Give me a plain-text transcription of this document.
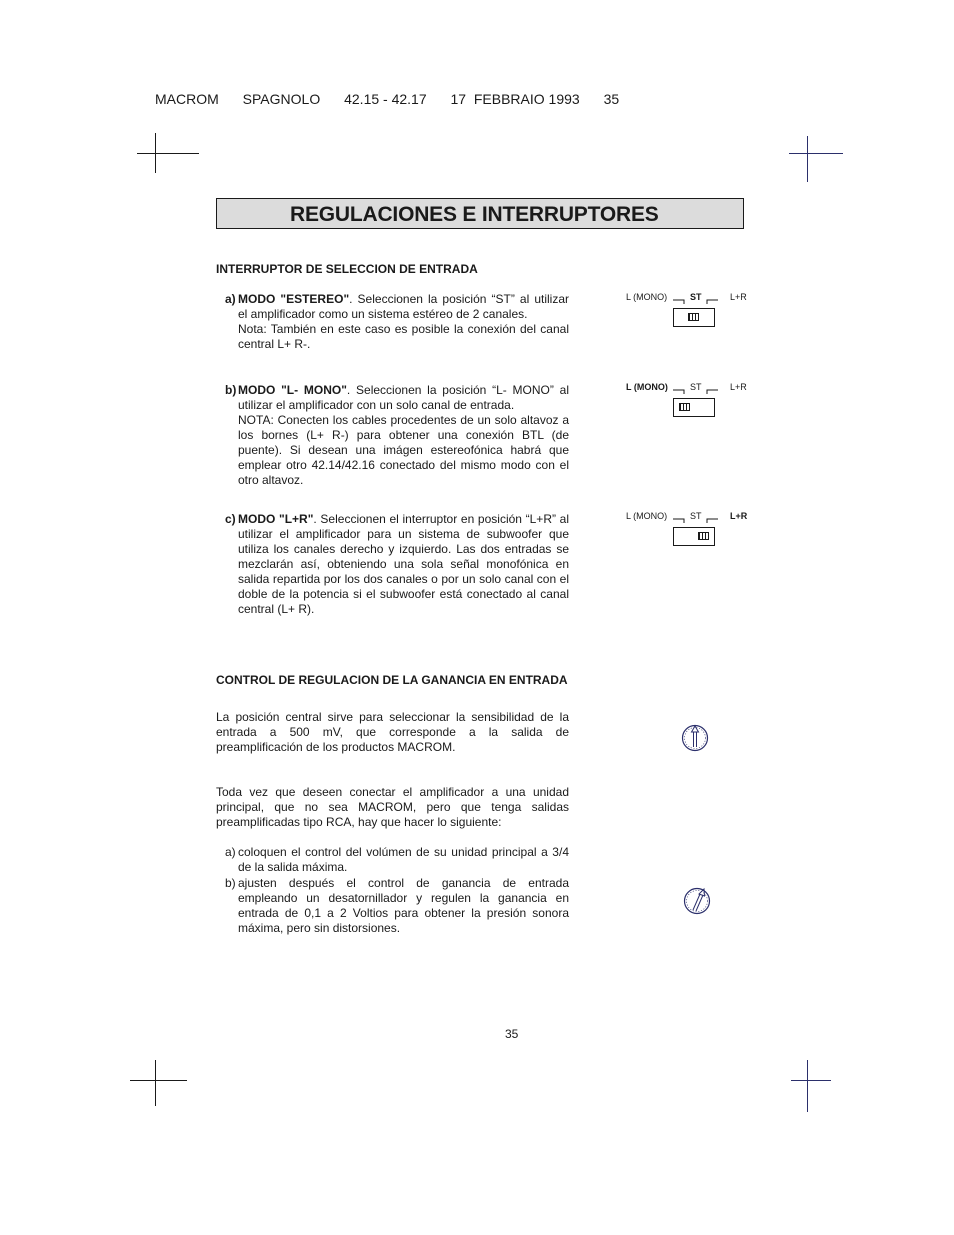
MACROM SPAGNOLO 42.15 - 42.17 17  FEBBRAIO 1993 35
REGULACIONES E INTERRUPTORES
INTERRUPTOR DE SELECCION DE ENTRADA
a) MODO "ESTEREO". Seleccionen la posición “ST” al utilizar el amplificador como un sistema estéreo de 2 canales.
Nota: También en este caso es posible la conexión del canal central L+ R-.
b) MODO "L- MONO". Seleccionen la posición “L- MONO” al utilizar el amplificador con un solo canal de entrada.
NOTA: Conecten los cables procedentes de un solo altavoz a los bornes (L+ R-) para obtener una conexión BTL (de puente). Si desean una imágen estereofónica habrá que emplear otro 42.14/42.16 conectado del mismo modo con el otro altavoz.
c) MODO "L+R". Seleccionen el interruptor en posición “L+R” al utilizar el amplificador para un sistema de subwoofer que utiliza los canales derecho y izquierdo. Las dos entradas se mezclarán así, obteniendo una sola señal monofónica en salida repartida por los dos canales o por un solo canal con el doble de la potencia si el subwoofer está conectado al canal central (L+ R).
L (MONO)	ST	L+R
L (MONO) ST	L+R
L (MONO)	ST	L+R
CONTROL DE REGULACION DE LA GANANCIA EN ENTRADA
La posición central sirve para seleccionar la sensibilidad de la entrada a 500 mV, que corresponde a la salida de preamplificación de los productos MACROM.
Toda vez que deseen conectar el amplificador a una unidad principal, que no sea MACROM, pero que tenga salidas preamplificadas tipo RCA, hay que hacer lo siguiente:
a) coloquen el control del volúmen de su unidad principal a 3/4 de la salida máxima.
b) ajusten después el control de ganancia de entrada empleando un desatornillador y regulen la ganancia en entrada de 0,1 a 2 Voltios para obtener la presión sonora máxima, pero sin distorsiones.
35
